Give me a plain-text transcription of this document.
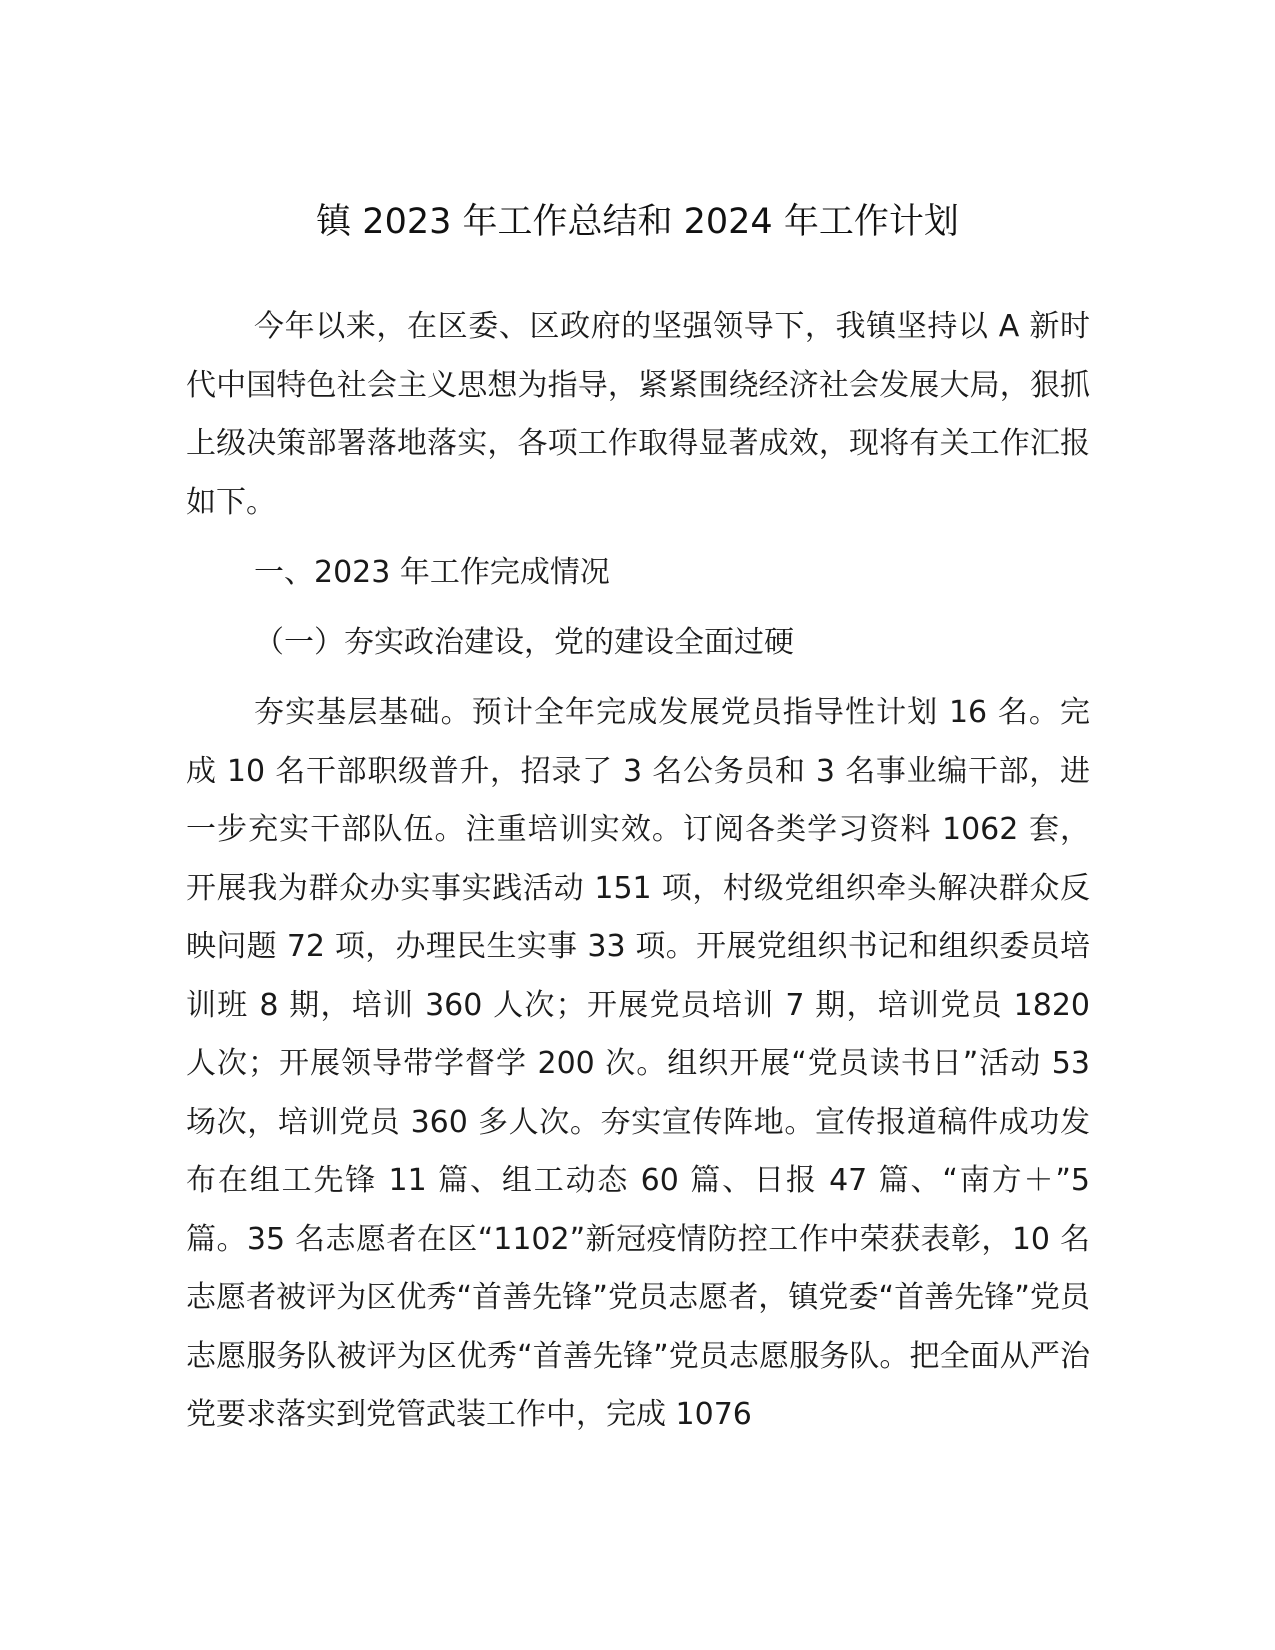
镇 2023 年工作总结和 2024 年工作计划

今年以来，在区委、区政府的坚强领导下，我镇坚持以 A 新时代中国特色社会主义思想为指导，紧紧围绕经济社会发展大局，狠抓上级决策部署落地落实，各项工作取得显著成效，现将有关工作汇报如下。

一、2023 年工作完成情况

（一）夯实政治建设，党的建设全面过硬

夯实基层基础。预计全年完成发展党员指导性计划 16 名。完成 10 名干部职级普升，招录了 3 名公务员和 3 名事业编干部，进一步充实干部队伍。注重培训实效。订阅各类学习资料 1062 套，开展我为群众办实事实践活动 151 项，村级党组织牵头解决群众反映问题 72 项，办理民生实事 33 项。开展党组织书记和组织委员培训班 8 期，培训 360 人次；开展党员培训 7 期，培训党员 1820 人次；开展领导带学督学 200 次。组织开展“党员读书日”活动 53 场次，培训党员 360 多人次。夯实宣传阵地。宣传报道稿件成功发布在组工先锋 11 篇、组工动态 60 篇、日报 47 篇、“南方＋”5 篇。35 名志愿者在区“1102”新冠疫情防控工作中荣获表彰，10 名志愿者被评为区优秀“首善先锋”党员志愿者，镇党委“首善先锋”党员志愿服务队被评为区优秀“首善先锋”党员志愿服务队。把全面从严治党要求落实到党管武装工作中，完成 1076
